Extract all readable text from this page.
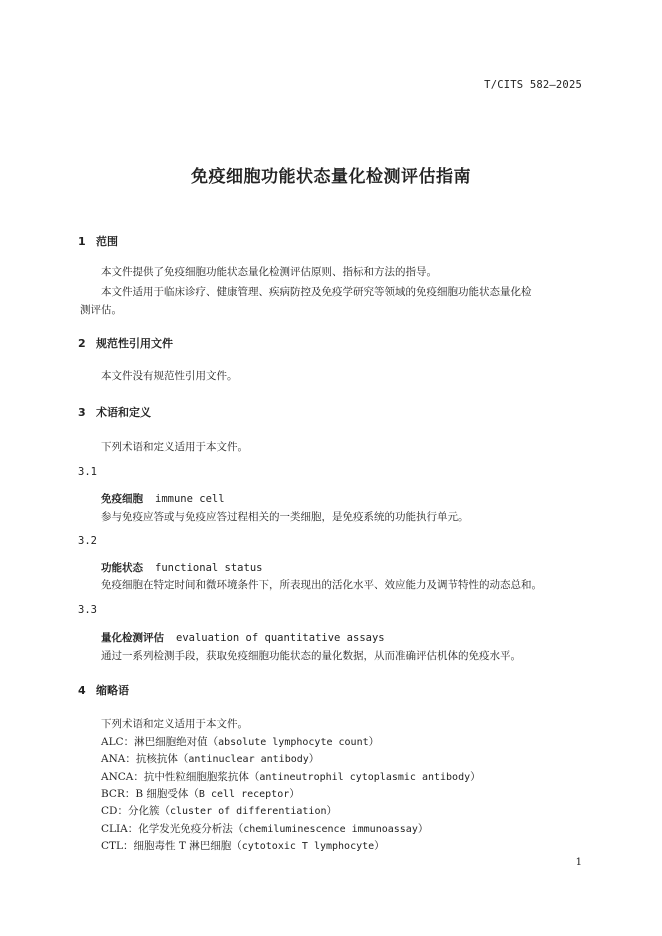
T/CITS 582—2025
免疫细胞功能状态量化检测评估指南
1 范围
本文件提供了免疫细胞功能状态量化检测评估原则、指标和方法的指导。
本文件适用于临床诊疗、健康管理、疾病防控及免疫学研究等领域的免疫细胞功能状态量化检
测评估。
2 规范性引用文件
本文件没有规范性引用文件。
3 术语和定义
下列术语和定义适用于本文件。
3.1
免疫细胞 immune cell
参与免疫应答或与免疫应答过程相关的一类细胞，是免疫系统的功能执行单元。
3.2
功能状态 functional status
免疫细胞在特定时间和微环境条件下，所表现出的活化水平、效应能力及调节特性的动态总和。
3.3
量化检测评估 evaluation of quantitative assays
通过一系列检测手段，获取免疫细胞功能状态的量化数据，从而准确评估机体的免疫水平。
4 缩略语
下列术语和定义适用于本文件。
ALC：淋巴细胞绝对值（absolute lymphocyte count）
ANA：抗核抗体（antinuclear antibody）
ANCA：抗中性粒细胞胞浆抗体（antineutrophil cytoplasmic antibody）
BCR：B 细胞受体（B cell receptor）
CD：分化簇（cluster of differentiation）
CLIA：化学发光免疫分析法（chemiluminescence immunoassay）
CTL：细胞毒性 T 淋巴细胞（cytotoxic T lymphocyte）
1
